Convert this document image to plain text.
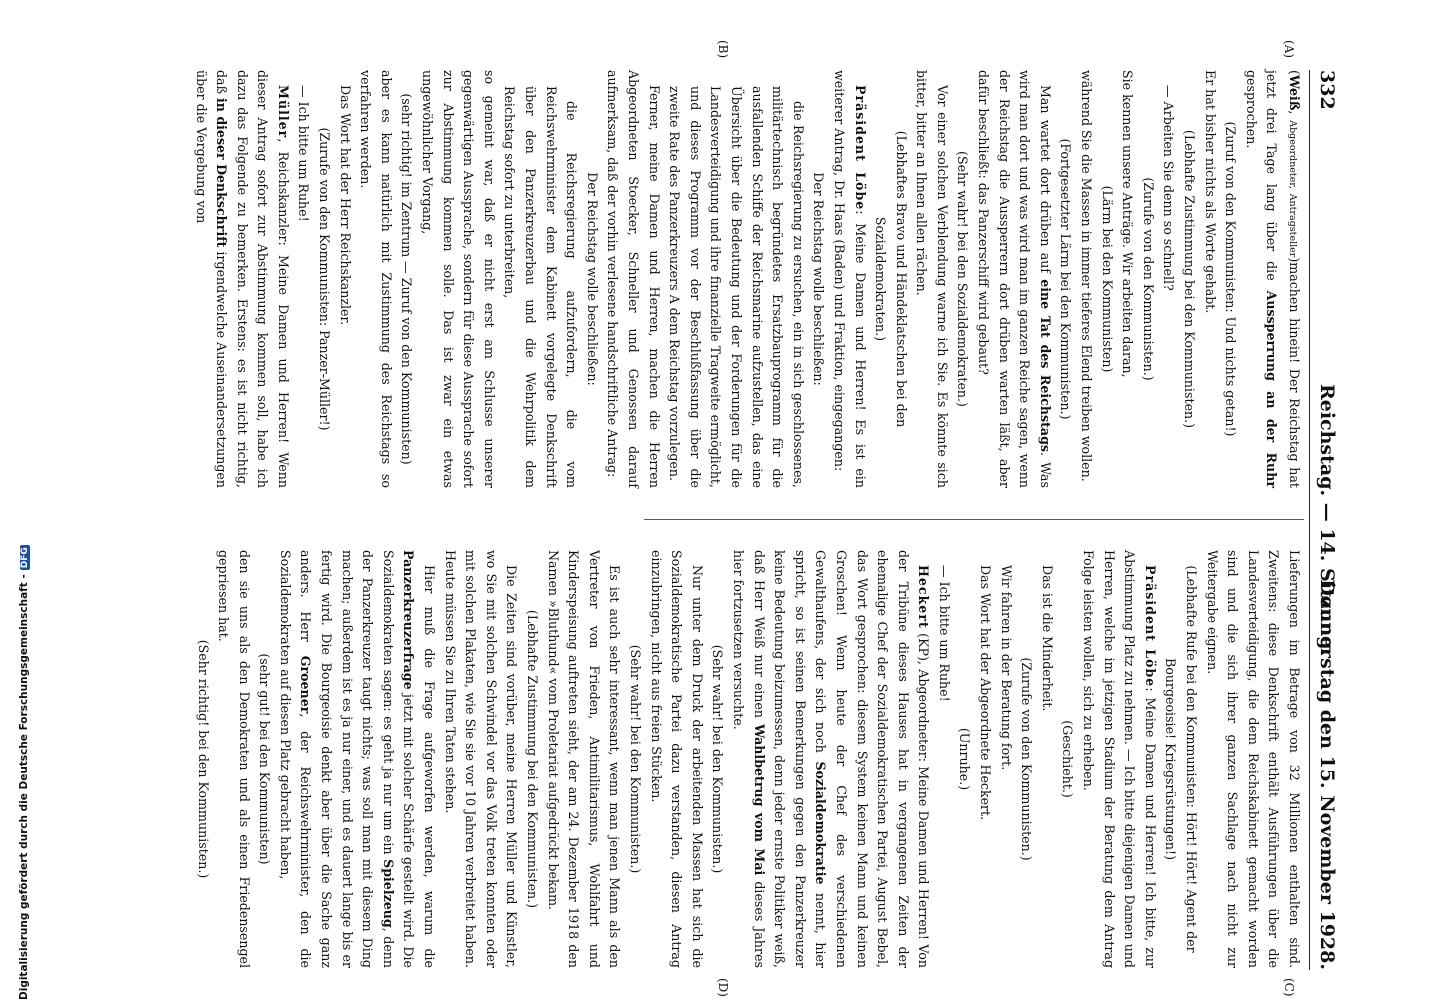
332
Reichstag. — 14. Sitzung.
Donnerstag den 15. November 1928.
(A)
(B)
(C)
(D)

(Weiß, Abgeordneter, Antragsteller)machen hinein! Der Reichstag hat jetzt drei Tage lang über die Aussperrung an der Ruhr gesprochen.

(Zuruf von den Kommunisten: Und nichts getan!)

Er hat bisher nichts als Worte gehabt.

(Lebhafte Zustimmung bei den Kommunisten.)

— Arbeiten Sie denn so schnell?

(Zurufe von den Kommunisten.)

Sie kennen unsere Anträge. Wir arbeiten daran,

(Lärm bei den Kommunisten)

während Sie die Massen in immer tieferes Elend treiben wollen.

(Fortgesetzter Lärm bei den Kommunisten.)

Man wartet dort drüben auf eine Tat des Reichstags. Was wird man dort und was wird man im ganzen Reiche sagen, wenn der Reichstag die Aussperrern dort drüben warten läßt, aber dafür beschließt: das Panzerschiff wird gebaut?

(Sehr wahr! bei den Sozialdemokraten.)

Vor einer solchen Verblendung warne ich Sie. Es könnte sich bitter, bitter an Ihnen allen rächen.

(Lebhaftes Bravo und Händeklatschen bei den Sozialdemokraten.)

Präsident Löbe: Meine Damen und Herren! Es ist ein weiterer Antrag, Dr. Haas (Baden) und Fraktion, eingegangen:

Der Reichstag wolle beschließen:

die Reichsregierung zu ersuchen, ein in sich geschlossenes, militärtechnisch begründetes Ersatzbauprogramm für die ausfallenden Schiffe der Reichsmarine aufzustellen, das eine Übersicht über die Bedeutung und der Forderungen für die Landesverteidigung und ihre finanzielle Tragweite ermöglicht, und dieses Programm vor der Beschlußfassung über die zweite Rate des Panzerkreuzers A dem Reichstag vorzulegen.

Ferner, meine Damen und Herren, machen die Herren Abgeordneten Stoecker, Schneller und Genossen darauf aufmerksam, daß der vorhin verlesene handschriftliche Antrag:

Der Reichstag wolle beschließen:

die Reichsregierung aufzufordern, die vom Reichswehrminister dem Kabinett vorgelegte Denkschrift über den Panzerkreuzerbau und die Wehrpolitik dem Reichstag sofort zu unterbreiten,

so gemeint war, daß er nicht erst am Schlusse unserer gegenwärtigen Aussprache, sondern für diese Aussprache sofort zur Abstimmung kommen solle. Das ist zwar ein etwas ungewöhnlicher Vorgang,

(sehr richtig! im Zentrum — Zuruf von den Kommunisten)

aber es kann natürlich mit Zustimmung des Reichstags so verfahren werden.

Das Wort hat der Herr Reichskanzler.

(Zurufe von den Kommunisten: Panzer-Müller!)

— Ich bitte um Ruhe!

Müller, Reichskanzler: Meine Damen und Herren! Wenn dieser Antrag sofort zur Abstimmung kommen soll, habe ich dazu das Folgende zu bemerken. Erstens: es ist nicht richtig, daß in dieser Denkschrift irgendwelche Auseinandersetzungen über die Vergebung von

Lieferungen im Betrage von 32 Millionen enthalten sind. Zweitens: diese Denkschrift enthält Ausführungen über die Landesverteidigung, die dem Reichskabinett gemacht worden sind und die sich ihrer ganzen Sachlage nach nicht zur Weitergabe eignen.

(Lebhafte Rufe bei den Kommunisten: Hört! Hört! Agent der Bourgeoisie! Kriegsrüstungen!)

Präsident Löbe: Meine Damen und Herren! Ich bitte, zur Abstimmung Platz zu nehmen. — Ich bitte diejenigen Damen und Herren, welche im jetzigen Stadium der Beratung dem Antrag Folge leisten wollen, sich zu erheben.

(Geschieht.)

Das ist die Minderheit.

(Zurufe von den Kommunisten.)

Wir fahren in der Beratung fort.

Das Wort hat der Abgeordnete Heckert.

(Unruhe.)

— Ich bitte um Ruhe!

Heckert (KP), Abgeordneter: Meine Damen und Herren! Von der Tribüne dieses Hauses hat in vergangenen Zeiten der ehemalige Chef der Sozialdemokratischen Partei, August Bebel, das Wort gesprochen: diesem System keinen Mann und keinen Groschen! Wenn heute der Chef des verschiedenen Gewalthaufens, der sich noch Sozialdemokratie nennt, hier spricht, so ist seinen Bemerkungen gegen den Panzerkreuzer keine Bedeutung beizumessen, denn jeder ernste Politiker weiß, daß Herr Weiß nur einen Wahlbetrug vom Mai dieses Jahres hier fortzusetzen versuchte.

(Sehr wahr! bei den Kommunisten.)

Nur unter dem Druck der arbeitenden Massen hat sich die Sozialdemokratische Partei dazu verstanden, diesen Antrag einzubringen, nicht aus freien Stücken.

(Sehr wahr! bei den Kommunisten.)

Es ist auch sehr interessant, wenn man jenen Mann als den Vertreter von Frieden, Antimilitarismus, Wohlfahrt und Kinderspeisung auftreten sieht, der am 24. Dezember 1918 den Namen »Bluthund« vom Proletariat aufgedrückt bekam.

(Lebhafte Zustimmung bei den Kommunisten.)

Die Zeiten sind vorüber, meine Herren Müller und Künstler, wo Sie mit solchen Schwindel vor das Volk treten konnten oder mit solchen Plakaten, wie Sie sie vor 10 Jahren verbreitet haben. Heute müssen Sie zu Ihren Taten stehen.

Hier muß die Frage aufgeworfen werden, warum die Panzerkreuzerfrage jetzt mit solcher Schärfe gestellt wird. Die Sozialdemokraten sagen: es geht ja nur um ein Spielzeug, denn der Panzerkreuzer taugt nichts; was soll man mit diesem Ding machen; außerdem ist es ja nur einer, und es dauert lange bis er fertig wird. Die Bourgeoisie denkt aber über die Sache ganz anders. Herr Groener, der Reichswehrminister, den die Sozialdemokraten auf diesen Platz gebracht haben,

(sehr gut! bei den Kommunisten)

den sie uns als den Demokraten und als einen Friedensengel gepriesen hat.

(Sehr richtig! bei den Kommunisten.)

Digitalisierung gefördert durch die Deutsche Forschungsgemeinschaft -DFG
